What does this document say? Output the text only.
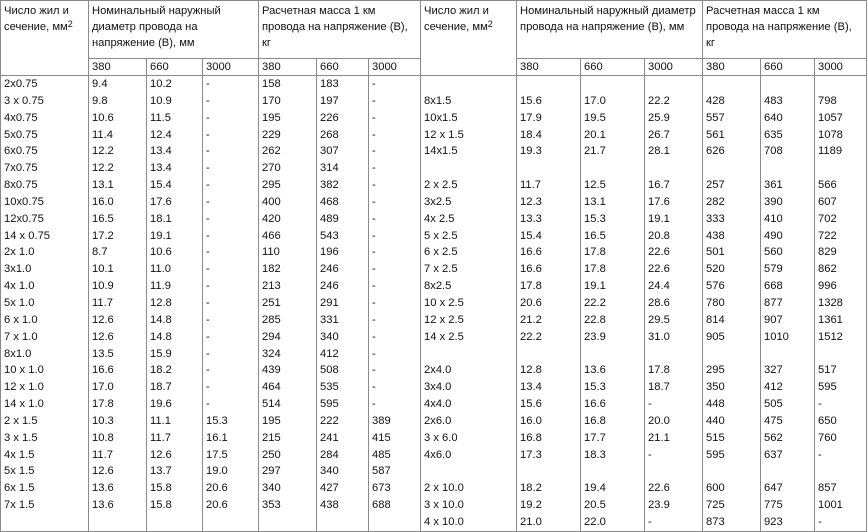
Число жил и сечение, мм$^2$	Номинальный наружный диаметр провода на напряжение (В), мм			Расчетная масса 1 км провода на напряжение (В), кг			Число жил и сечение, мм$^2$	Номинальный наружный диаметр провода на напряжение (В), мм			Расчетная масса 1 км провода на напряжение (В), кг		
	380	660	3000	380	660	3000		380	660	3000	380	660	3000
2х0.75	9.4	10.2	-	158	183	-							
3 х 0.75	9.8	10.9	-	170	197	-	8х1.5	15.6	17.0	22.2	428	483	798
4х0.75	10.6	11.5	-	195	226	-	10х1.5	17.9	19.5	25.9	557	640	1057
5х0.75	11.4	12.4	-	229	268	-	12 х 1.5	18.4	20.1	26.7	561	635	1078
6х0.75	12.2	13.4	-	262	307	-	14х1.5	19.3	21.7	28.1	626	708	1189
7х0.75	12.2	13.4	-	270	314	-							
8х0.75	13.1	15.4	-	295	382	-	2 х 2.5	11.7	12.5	16.7	257	361	566
10х0.75	16.0	17.6	-	400	468	-	3х2.5	12.3	13.1	17.6	282	390	607
12х0.75	16.5	18.1	-	420	489	-	4х 2.5	13.3	15.3	19.1	333	410	702
14 х 0.75	17.2	19.1	-	466	543	-	5 х 2.5	15.4	16.5	20.8	438	490	722
2х 1.0	8.7	10.6	-	110	196	-	6 х 2.5	16.6	17.8	22.6	501	560	829
3х1.0	10.1	11.0	-	182	246	-	7 х 2.5	16.6	17.8	22.6	520	579	862
4х 1.0	10.9	11.9	-	213	246	-	8х2.5	17.8	19.1	24.4	576	668	996
5х 1.0	11.7	12.8	-	251	291	-	10 х 2.5	20.6	22.2	28.6	780	877	1328
6 х 1.0	12.6	14.8	-	285	331	-	12 х 2.5	21.2	22.8	29.5	814	907	1361
7 х 1.0	12.6	14.8	-	294	340	-	14 х 2.5	22.2	23.9	31.0	905	1010	1512
8х1.0	13.5	15.9	-	324	412	-							
10 х 1.0	16.6	18.2	-	439	508	-	2х4.0	12.8	13.6	17.8	295	327	517
12 х 1.0	17.0	18.7	-	464	535	-	3х4.0	13.4	15.3	18.7	350	412	595
14 х 1.0	17.8	19.6	-	514	595	-	4х4.0	15.6	16.6	-	448	505	-
2 х 1.5	10.3	11.1	15.3	195	222	389	2х6.0	16.0	16.8	20.0	440	475	650
3 х 1.5	10.8	11.7	16.1	215	241	415	3 х 6.0	16.8	17.7	21.1	515	562	760
4х 1.5	11.7	12.6	17.5	250	284	485	4х6.0	17.3	18.3	-	595	637	-
5х 1.5	12.6	13.7	19.0	297	340	587							
6х 1.5	13.6	15.8	20.6	340	427	673	2 х 10.0	18.2	19.4	22.6	600	647	857
7х 1.5	13.6	15.8	20.6	353	438	688	3 х 10.0	19.2	20.5	23.9	725	775	1001
							4 х 10.0	21.0	22.0	-	873	923	-
